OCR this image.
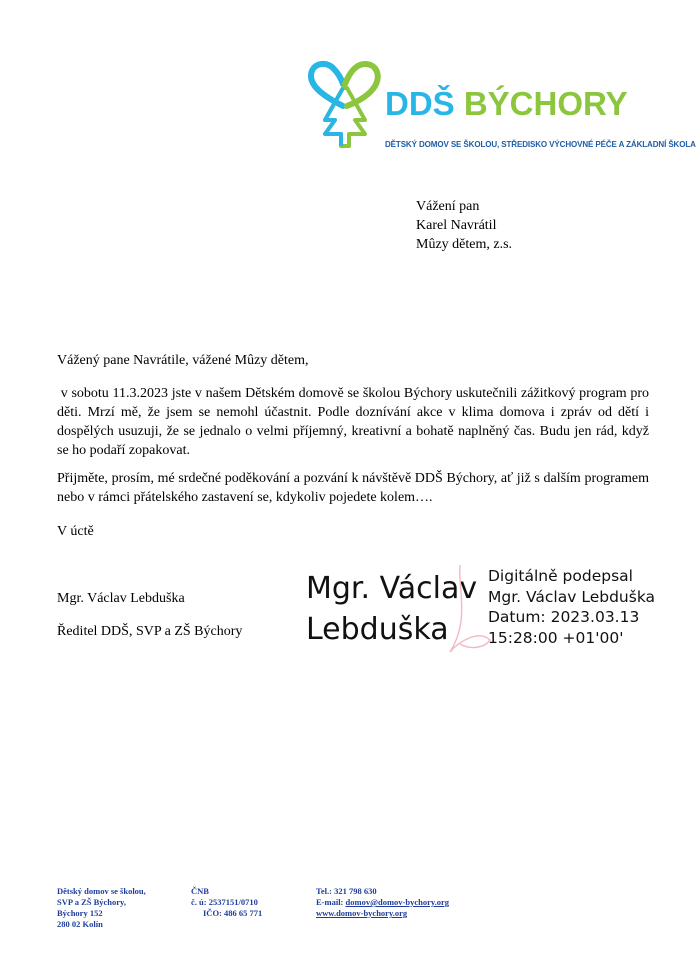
DDŠ BÝCHORY
DĚTSKÝ DOMOV SE ŠKOLOU, STŘEDISKO VÝCHOVNÉ PÉČE A ZÁKLADNÍ ŠKOLA
Vážení pan
Karel Navrátil
Mûzy dětem, z.s.
Vážený pane Navrátile, vážené Mûzy dětem,
v sobotu 11.3.2023 jste v našem Dětském domově se školou Býchory uskutečnili zážitkový program pro děti. Mrzí mě, že jsem se nemohl účastnit. Podle doznívání akce v klima domova i zpráv od dětí i dospělých usuzuji, že se jednalo o velmi příjemný, kreativní a bohatě naplněný čas. Budu jen rád, když se ho podaří zopakovat.
Přijměte, prosím, mé srdečné poděkování a pozvání k návštěvě DDŠ Býchory, ať již s dalším programem nebo v rámci přátelského zastavení se, kdykoliv pojedete kolem….
V úctě
Mgr. Václav Lebduška
Ředitel DDŠ, SVP a ZŠ Býchory
Mgr. Václav
Lebduška
Digitálně podepsal
Mgr. Václav Lebduška
Datum: 2023.03.13
15:28:00 +01'00'
Dětský domov se školou,
SVP a ZŠ Býchory,
Býchory 152
280 02 Kolín
ČNB
č. ú: 2537151/0710
IČO: 486 65 771
Tel.: 321 798 630
E-mail: domov@domov-bychory.org
www.domov-bychory.org
